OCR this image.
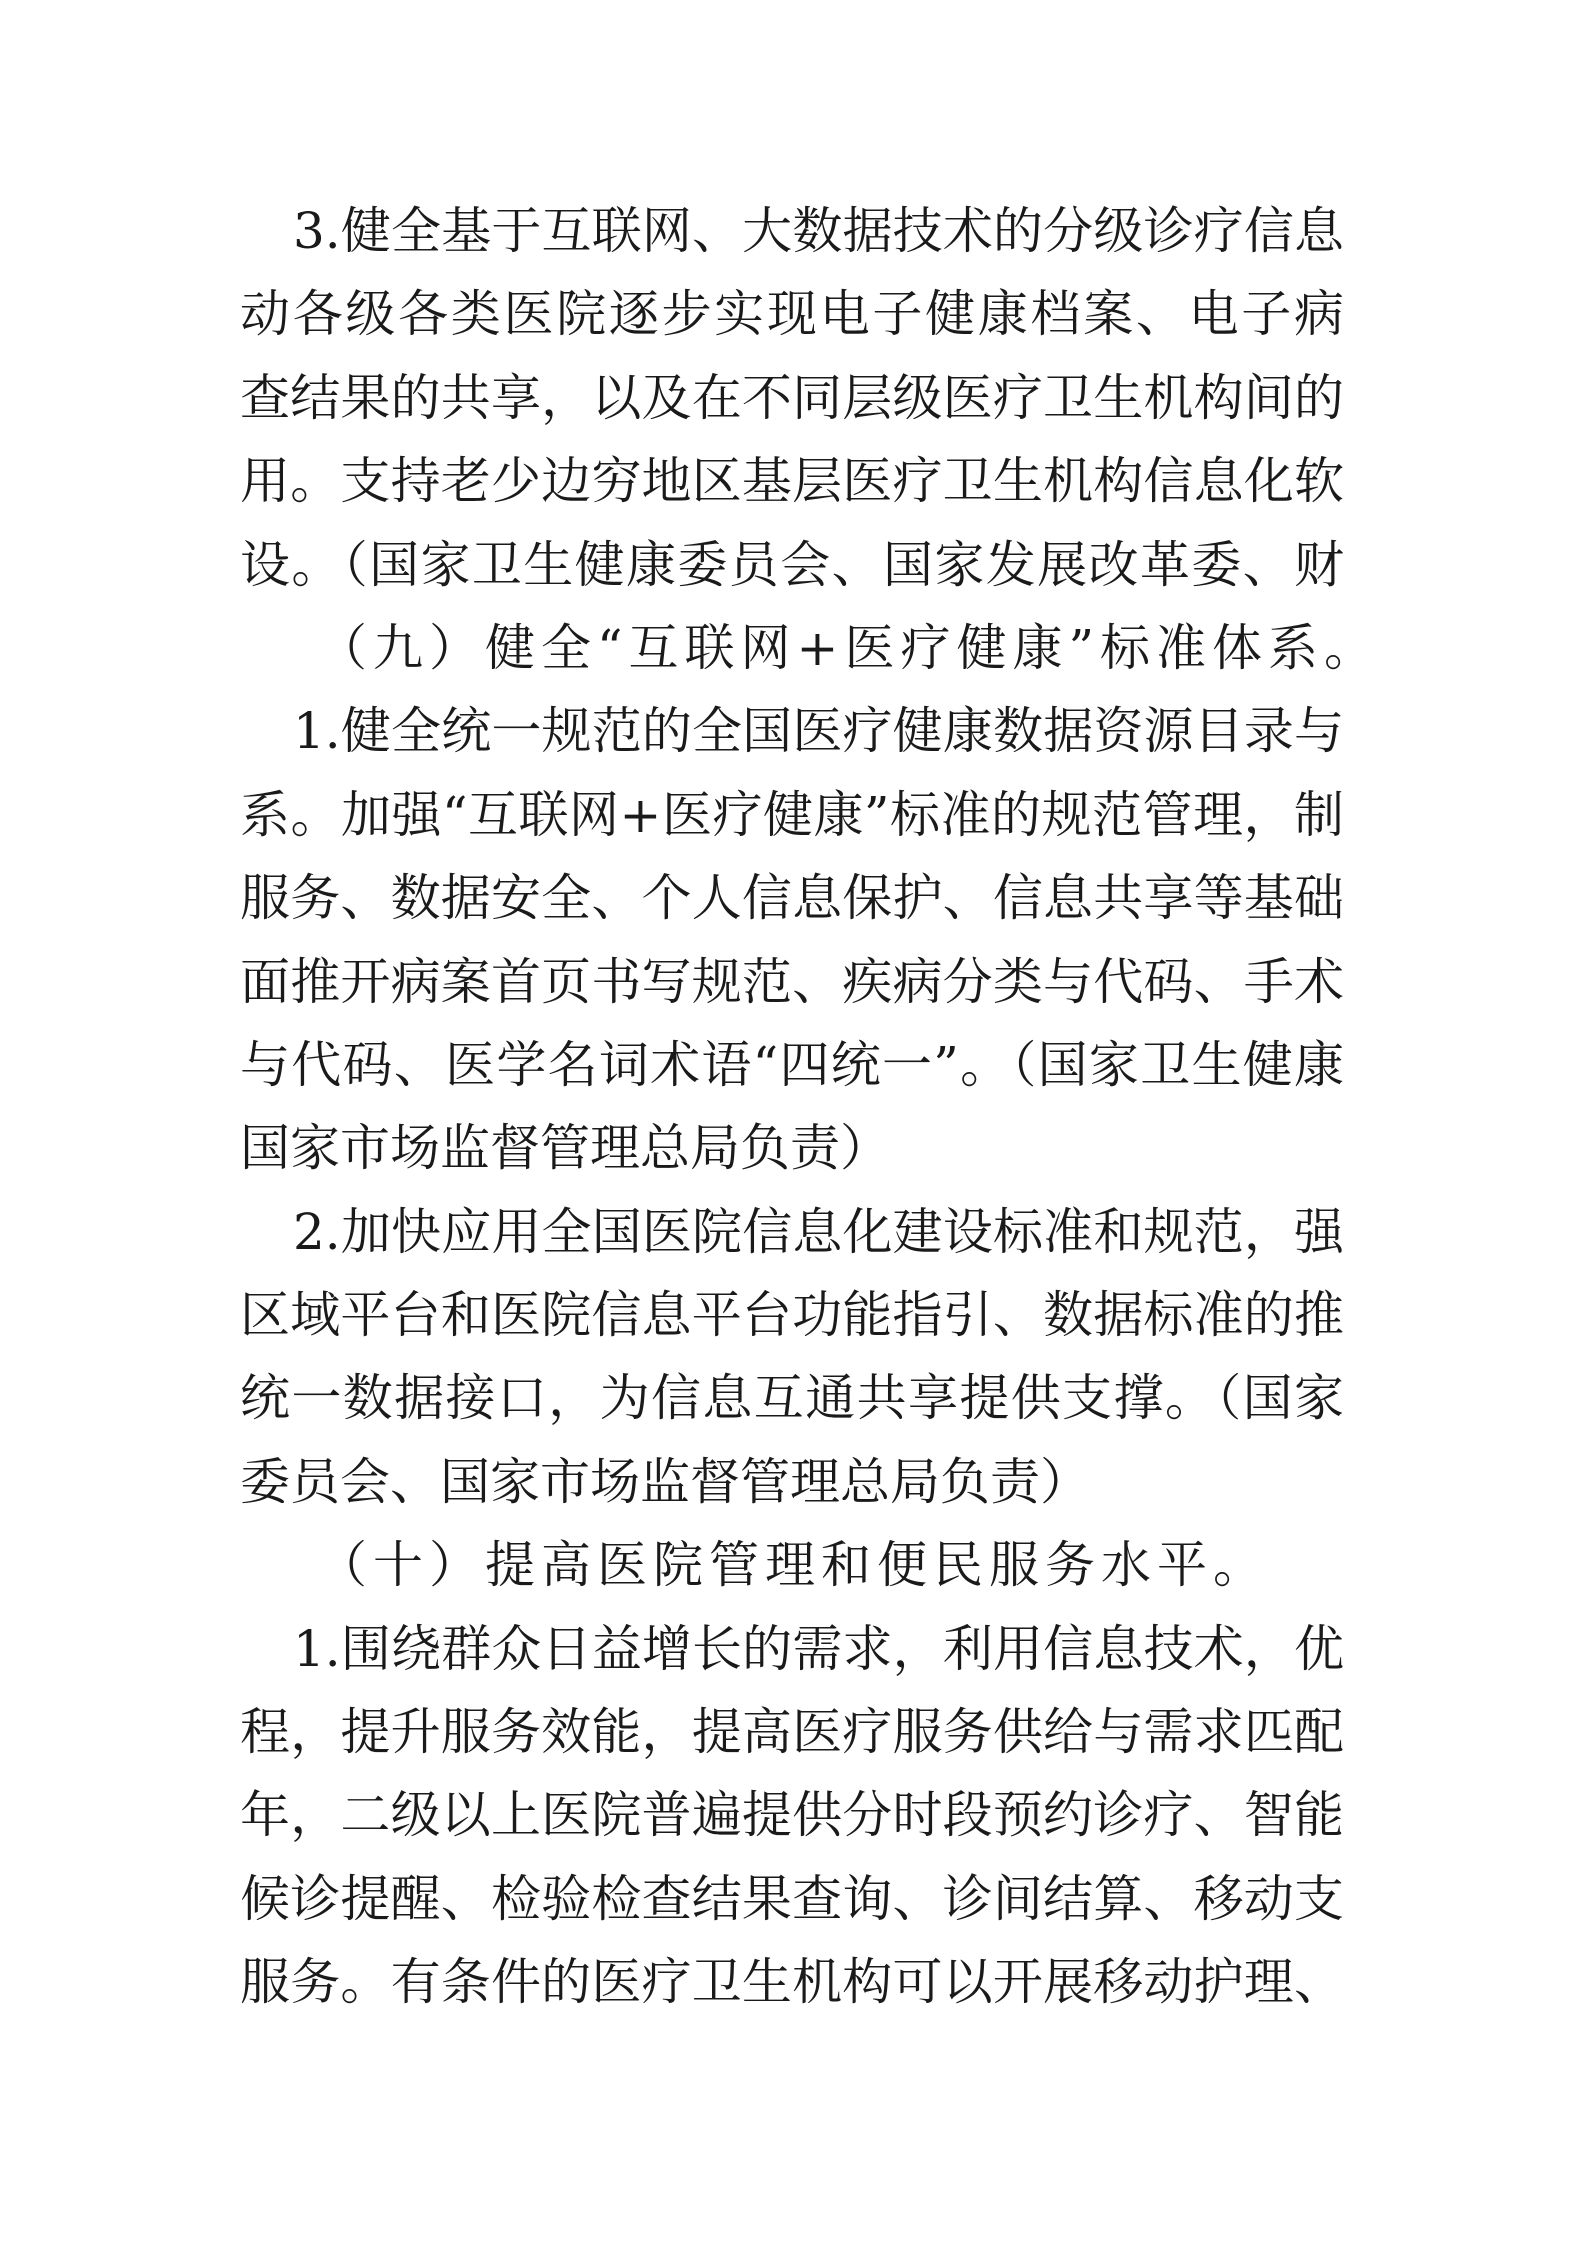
3.健全基于互联网、大数据技术的分级诊疗信息
动各级各类医院逐步实现电子健康档案、电子病
查结果的共享，以及在不同层级医疗卫生机构间的
用。支持老少边穷地区基层医疗卫生机构信息化软
设。（国家卫生健康委员会、国家发展改革委、财
（九）健全“互联网+医疗健康”标准体系。
1.健全统一规范的全国医疗健康数据资源目录与
系。加强“互联网+医疗健康”标准的规范管理，制
服务、数据安全、个人信息保护、信息共享等基础
面推开病案首页书写规范、疾病分类与代码、手术
与代码、医学名词术语“四统一”。（国家卫生健康
国家市场监督管理总局负责）
2.加快应用全国医院信息化建设标准和规范，强
区域平台和医院信息平台功能指引、数据标准的推
统一数据接口，为信息互通共享提供支撑。（国家
委员会、国家市场监督管理总局负责）
（十）提高医院管理和便民服务水平。
1.围绕群众日益增长的需求，利用信息技术，优
程，提升服务效能，提高医疗服务供给与需求匹配
年，二级以上医院普遍提供分时段预约诊疗、智能
候诊提醒、检验检查结果查询、诊间结算、移动支
服务。有条件的医疗卫生机构可以开展移动护理、
